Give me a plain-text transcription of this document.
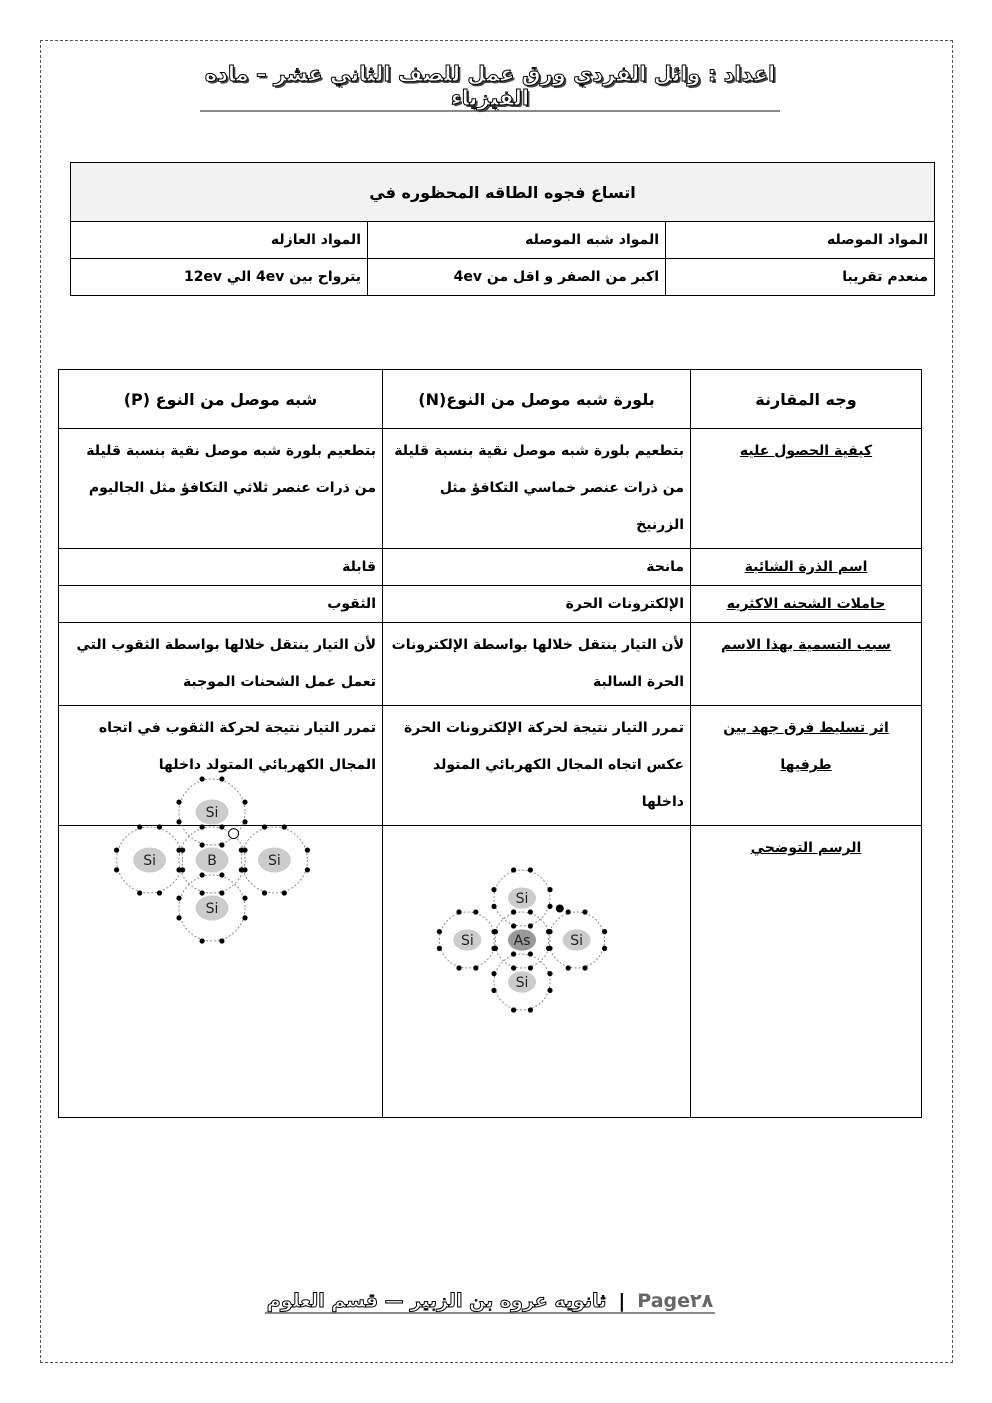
اعداد : وائل الفردي ورق عمل للصف الثاني عشر – ماده الفيزياء
اتساع فجوه الطاقه المحظوره في		
المواد الموصله	المواد شبه الموصله	المواد العازله
منعدم تقريبا	اكبر من الصفر و اقل من 4ev	يترواح بين 4ev الي 12ev
وجه المقارنة	بلورة شبه موصل من النوع(N)	شبه موصل من النوع (P)
كيفية الحصول عليه	بتطعيم بلورة شبه موصل نقية بنسبة قليلة من ذرات عنصر خماسي التكافؤ مثل الزرنيخ	بتطعيم بلورة شبه موصل نقية بنسبة قليلة من ذرات عنصر ثلاثي التكافؤ مثل الجاليوم
اسم الذرة الشائبة	مانحة	قابلة
حاملات الشحنه الاكثريه	الإلكترونات الحرة	الثقوب
سبب التسمية بهذا الاسم	لأن التيار ينتقل خلالها بواسطة الإلكترونات الحرة السالبة	لأن التيار ينتقل خلالها بواسطة الثقوب التي تعمل عمل الشحنات الموجبة
اثر تسليط فرق جهد بين طرفيها	تمرر التيار نتيجة لحركة الإلكترونات الحرة عكس اتجاه المجال الكهربائي المتولد داخلها	تمرر التيار نتيجة لحركة الثقوب في اتجاه المجال الكهربائي المتولد داخلها
الرسم التوضحي		
B
Si
Si	Si
Si
As
Si
Si	Si
Si
Page٢٨
|
ثانويه عروه بن الزبير — قسم العلوم
